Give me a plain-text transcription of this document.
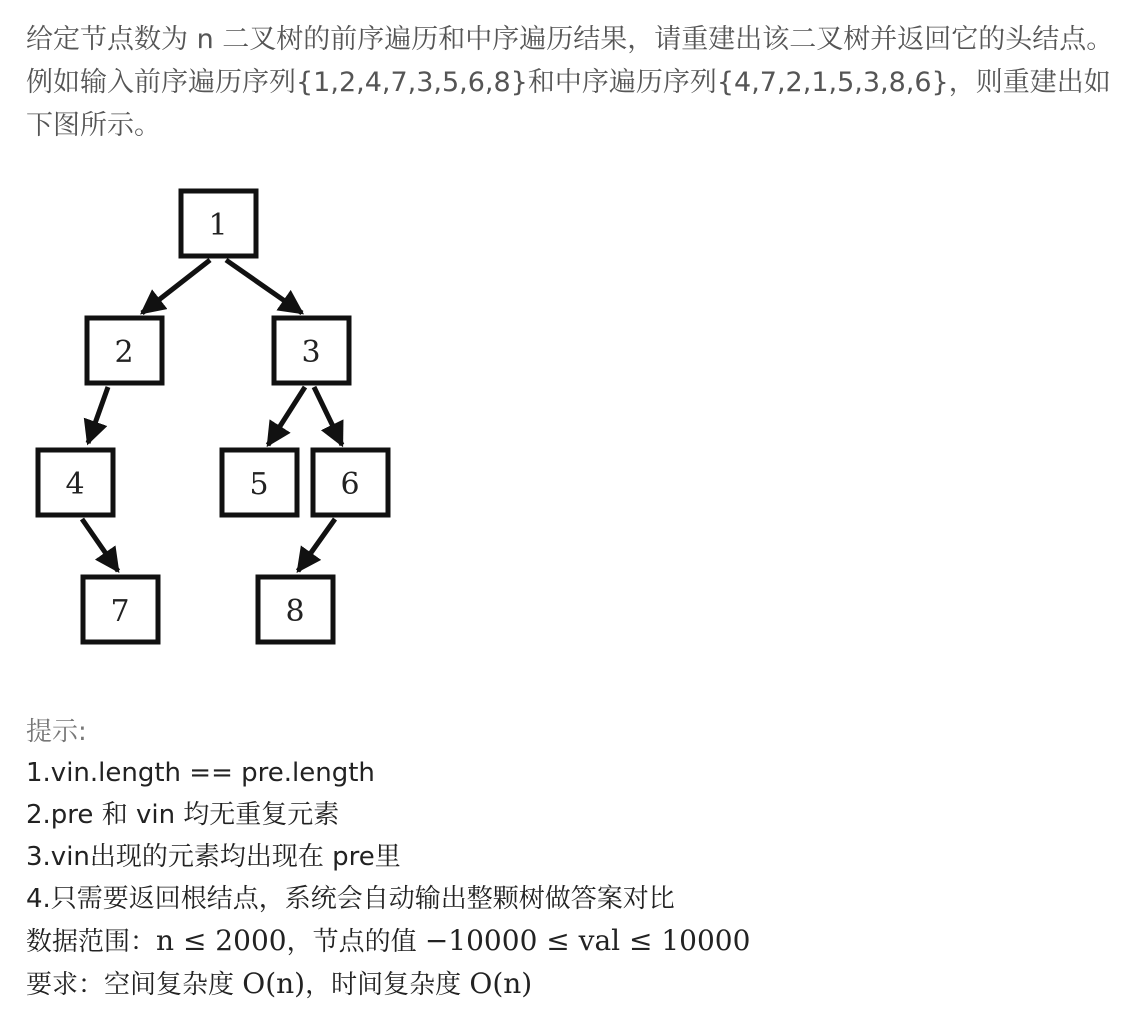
给定节点数为 n 二叉树的前序遍历和中序遍历结果，请重建出该二叉树并返回它的头结点。

例如输入前序遍历序列{1,2,4,7,3,5,6,8}和中序遍历序列{4,7,2,1,5,3,8,6}，则重建出如下图所示。

1
2	3
4	5 6
7	8
提示:
1.vin.length == pre.length
2.pre 和 vin 均无重复元素
3.vin出现的元素均出现在 pre里
4.只需要返回根结点，系统会自动输出整颗树做答案对比
数据范围：n ≤ 2000，节点的值 −10000 ≤ val ≤ 10000
要求：空间复杂度 O(n)，时间复杂度 O(n)
